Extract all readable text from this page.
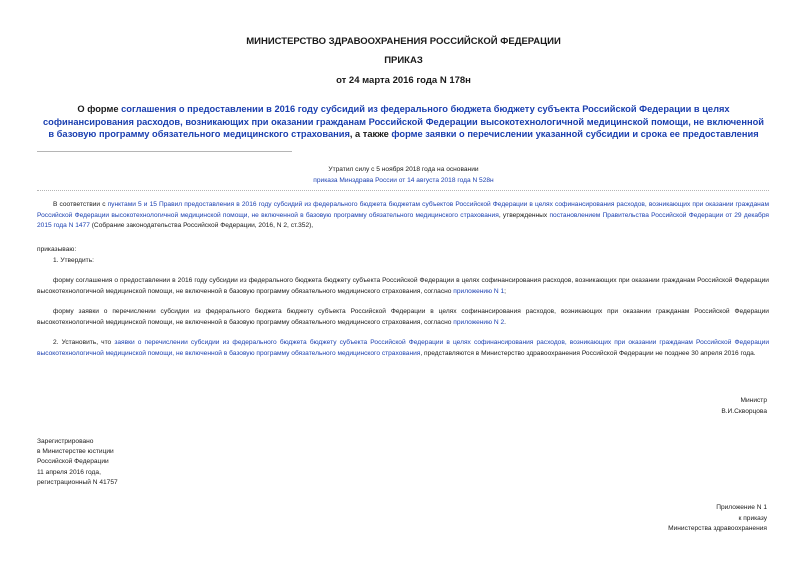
МИНИСТЕРСТВО ЗДРАВООХРАНЕНИЯ РОССИЙСКОЙ ФЕДЕРАЦИИ
ПРИКАЗ
от 24 марта 2016 года N 178н
О форме соглашения о предоставлении в 2016 году субсидий из федерального бюджета бюджету субъекта Российской Федерации в целях софинансирования расходов, возникающих при оказании гражданам Российской Федерации высокотехнологичной медицинской помощи, не включенной в базовую программу обязательного медицинского страхования, а также форме заявки о перечислении указанной субсидии и срока ее предоставления
Утратил силу с 5 ноября 2018 года на основании
приказа Минздрава России от 14 августа 2018 года N 528н
В соответствии с пунктами 5 и 15 Правил предоставления в 2016 году субсидий из федерального бюджета бюджетам субъектов Российской Федерации в целях софинансирования расходов, возникающих при оказании гражданам Российской Федерации высокотехнологичной медицинской помощи, не включенной в базовую программу обязательного медицинского страхования, утвержденных постановлением Правительства Российской Федерации от 29 декабря 2015 года N 1477 (Собрание законодательства Российской Федерации, 2016, N 2, ст.352),
приказываю:
1. Утвердить:
форму соглашения о предоставлении в 2016 году субсидии из федерального бюджета бюджету субъекта Российской Федерации в целях софинансирования расходов, возникающих при оказании гражданам Российской Федерации высокотехнологичной медицинской помощи, не включенной в базовую программу обязательного медицинского страхования, согласно приложению N 1;
форму заявки о перечислении субсидии из федерального бюджета бюджету субъекта Российской Федерации в целях софинансирования расходов, возникающих при оказании гражданам Российской Федерации высокотехнологичной медицинской помощи, не включенной в базовую программу обязательного медицинского страхования, согласно приложению N 2.
2. Установить, что заявки о перечислении субсидии из федерального бюджета бюджету субъекта Российской Федерации в целях софинансирования расходов, возникающих при оказании гражданам Российской Федерации высокотехнологичной медицинской помощи, не включенной в базовую программу обязательного медицинского страхования, представляются в Министерство здравоохранения Российской Федерации не позднее 30 апреля 2016 года.
Министр
В.И.Скворцова
Зарегистрировано
в Министерстве юстиции
Российской Федерации
11 апреля 2016 года,
регистрационный N 41757
Приложение N 1
к приказу
Министерства здравоохранения
